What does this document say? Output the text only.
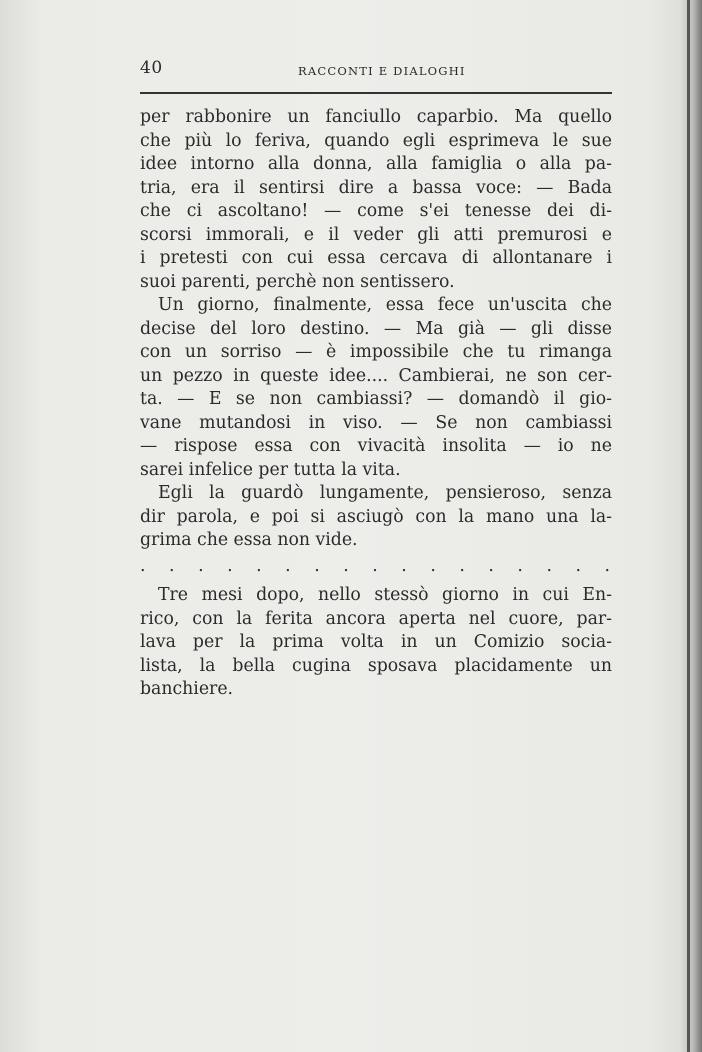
40	RACCONTI E DIALOGHI
per rabbonire un fanciullo caparbio. Ma quello
che più lo feriva, quando egli esprimeva le sue
idee intorno alla donna, alla famiglia o alla pa-
tria, era il sentirsi dire a bassa voce: — Bada
che ci ascoltano! — come s'ei tenesse dei di-
scorsi immorali, e il veder gli atti premurosi e
i pretesti con cui essa cercava di allontanare i
suoi parenti, perchè non sentissero.
Un giorno, finalmente, essa fece un'uscita che
decise del loro destino. — Ma già — gli disse
con un sorriso — è impossibile che tu rimanga
un pezzo in queste idee.... Cambierai, ne son cer-
ta. — E se non cambiassi? — domandò il gio-
vane mutandosi in viso. — Se non cambiassi
— rispose essa con vivacità insolita — io ne
sarei infelice per tutta la vita.
Egli la guardò lungamente, pensieroso, senza
dir parola, e poi si asciugò con la mano una la-
grima che essa non vide.
. . . . . . . . . . . . . . . . .
Tre mesi dopo, nello stessò giorno in cui En-
rico, con la ferita ancora aperta nel cuore, par-
lava per la prima volta in un Comizio socia-
lista, la bella cugina sposava placidamente un
banchiere.
